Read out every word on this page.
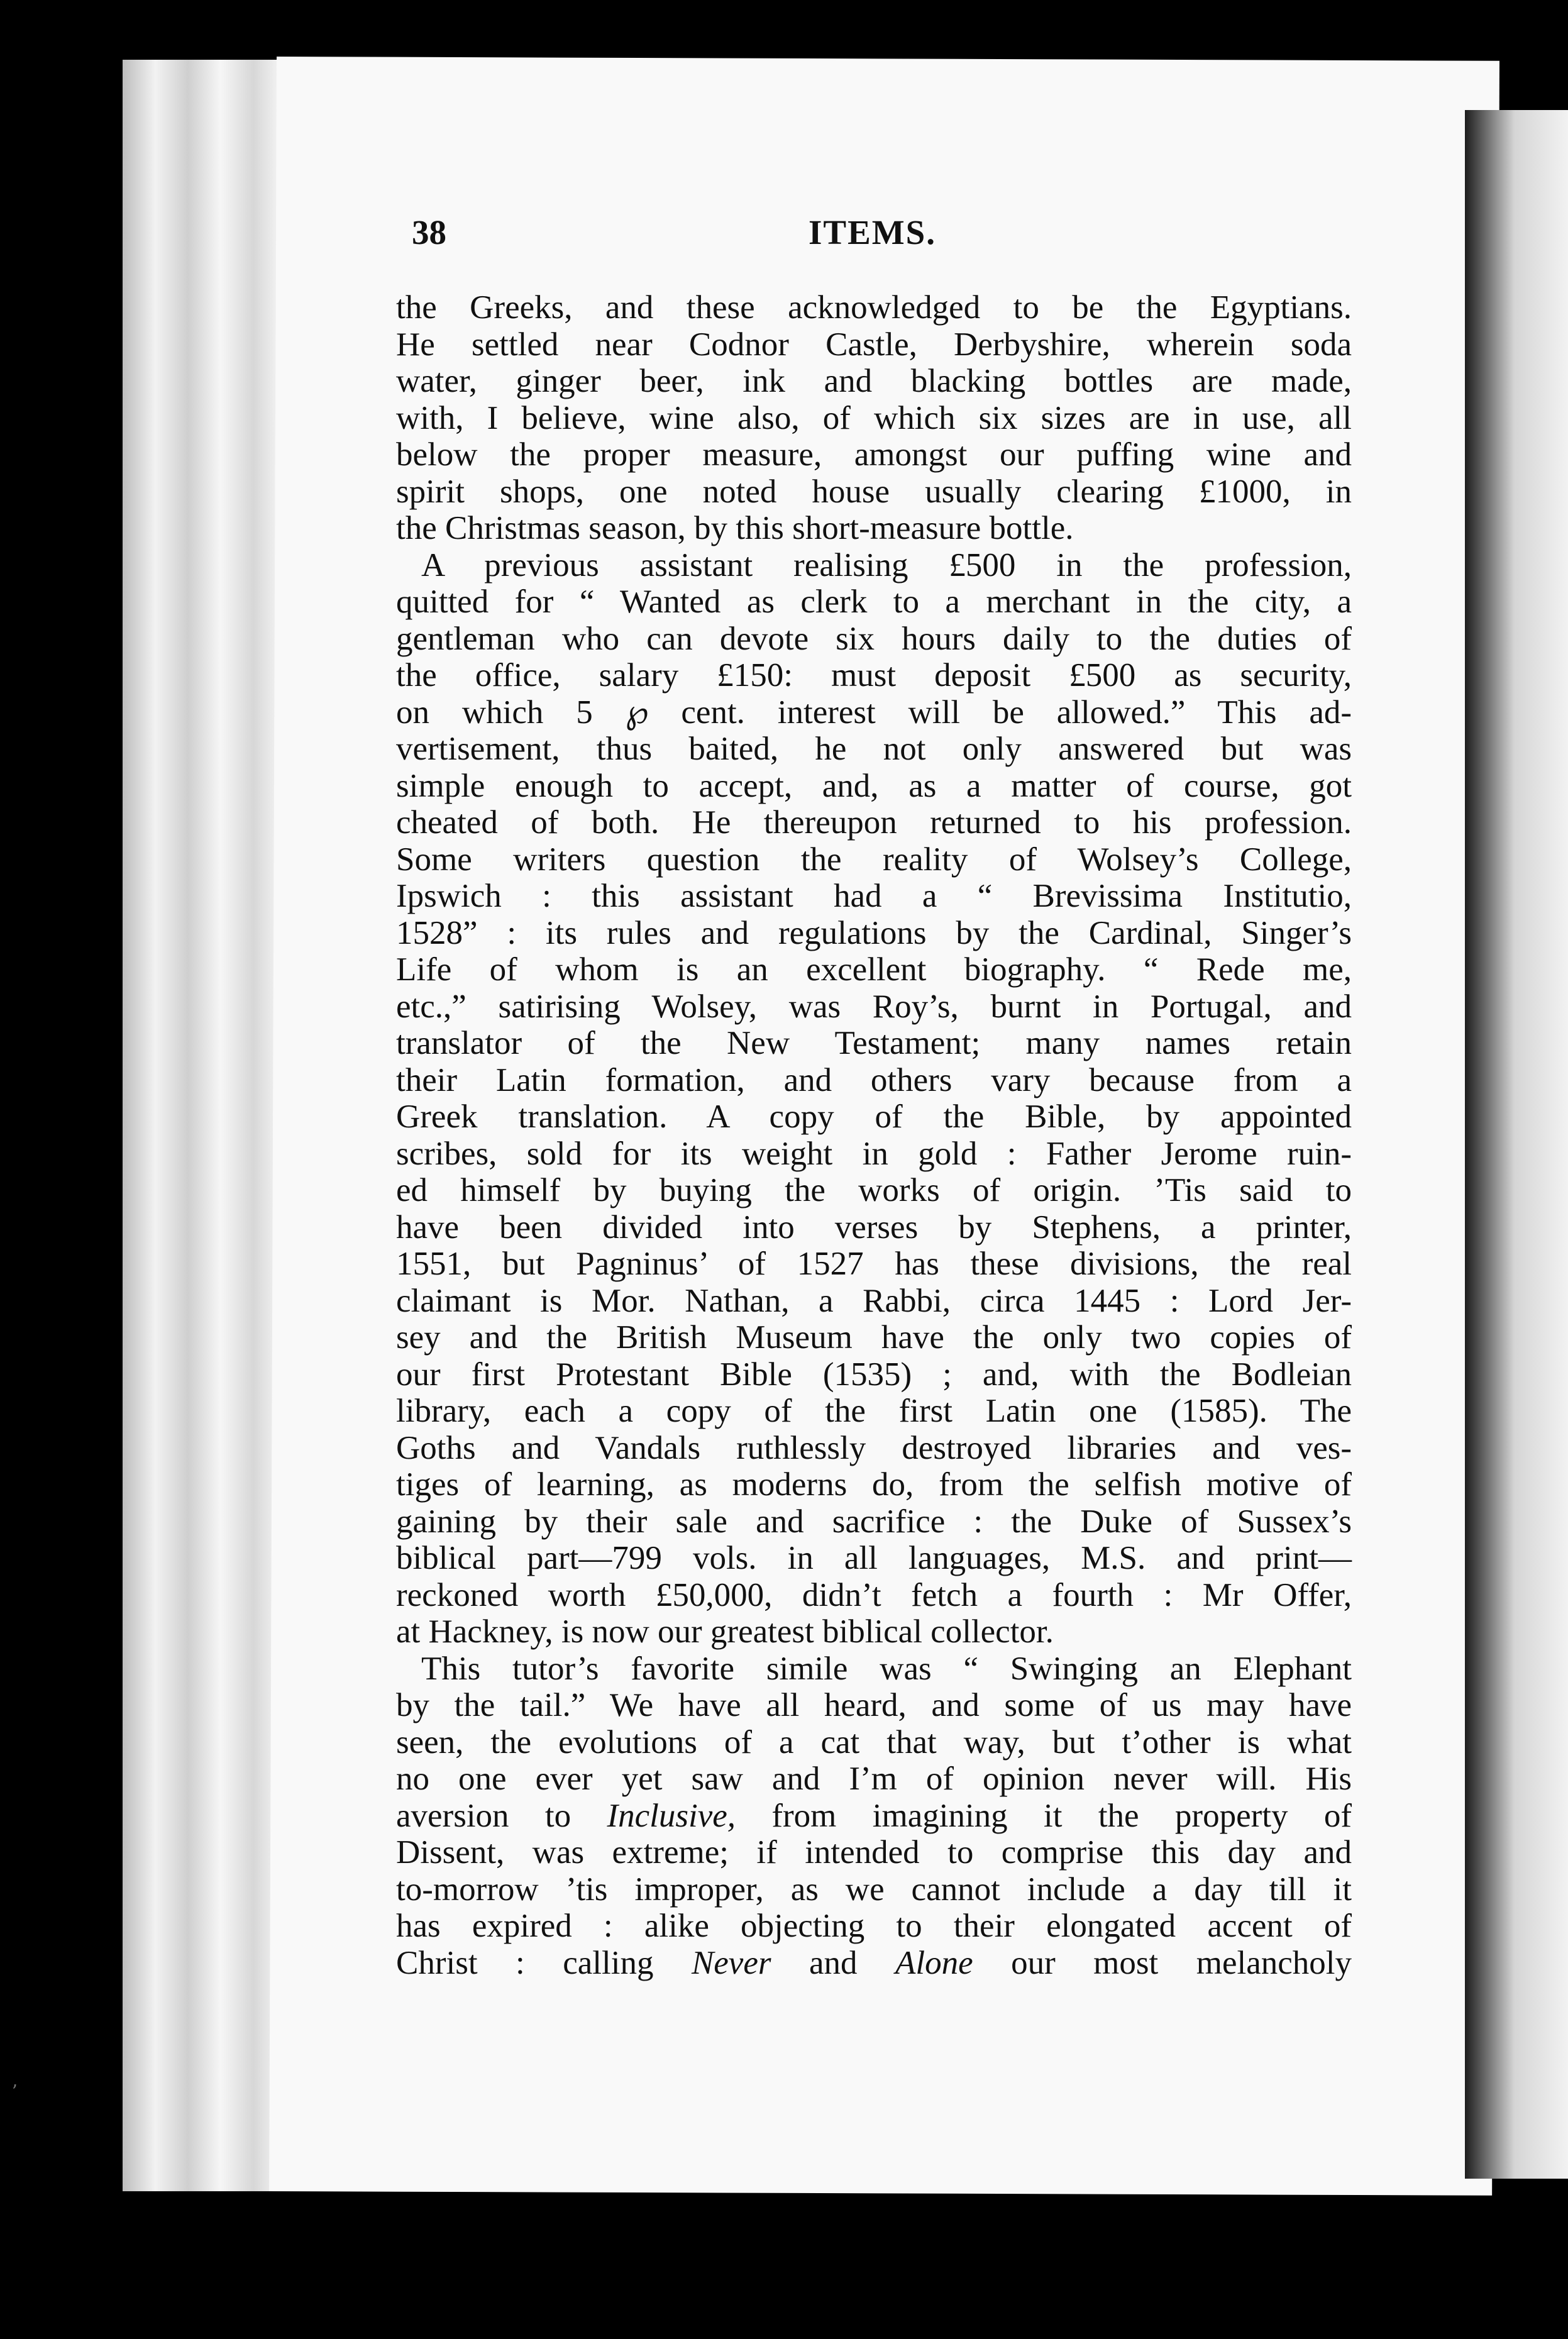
ʼ
38	ITEMS.
the Greeks, and these acknowledged to be the Egyptians.
He settled near Codnor Castle, Derbyshire, wherein soda
water, ginger beer, ink and blacking bottles are made,
with, I believe, wine also, of which six sizes are in use, all
below the proper measure, amongst our puffing wine and
spirit shops, one noted house usually clearing £1000, in
the Christmas season, by this short-measure bottle.
A previous assistant realising £500 in the profession,
quitted for “ Wanted as clerk to a merchant in the city, a
gentleman who can devote six hours daily to the duties of
the office, salary £150: must deposit £500 as security,
on which 5 ℘ cent. interest will be allowed.” This ad-
vertisement, thus baited, he not only answered but was
simple enough to accept, and, as a matter of course, got
cheated of both. He thereupon returned to his profession.
Some writers question the reality of Wolsey’s College,
Ipswich : this assistant had a “ Brevissima Institutio,
1528” : its rules and regulations by the Cardinal, Singer’s
Life of whom is an excellent biography. “ Rede me,
etc.,” satirising Wolsey, was Roy’s, burnt in Portugal, and
translator of the New Testament; many names retain
their Latin formation, and others vary because from a
Greek translation. A copy of the Bible, by appointed
scribes, sold for its weight in gold : Father Jerome ruin-
ed himself by buying the works of origin. ’Tis said to
have been divided into verses by Stephens, a printer,
1551, but Pagninus’ of 1527 has these divisions, the real
claimant is Mor. Nathan, a Rabbi, circa 1445 : Lord Jer-
sey and the British Museum have the only two copies of
our first Protestant Bible (1535) ; and, with the Bodleian
library, each a copy of the first Latin one (1585). The
Goths and Vandals ruthlessly destroyed libraries and ves-
tiges of learning, as moderns do, from the selfish motive of
gaining by their sale and sacrifice : the Duke of Sussex’s
biblical part—799 vols. in all languages, M.S. and print—
reckoned worth £50,000, didn’t fetch a fourth : Mr Offer,
at Hackney, is now our greatest biblical collector.
This tutor’s favorite simile was “ Swinging an Elephant
by the tail.” We have all heard, and some of us may have
seen, the evolutions of a cat that way, but t’other is what
no one ever yet saw and I’m of opinion never will. His
aversion to Inclusive, from imagining it the property of
Dissent, was extreme; if intended to comprise this day and
to-morrow ’tis improper, as we cannot include a day till it
has expired : alike objecting to their elongated accent of
Christ : calling Never and Alone our most melancholy
